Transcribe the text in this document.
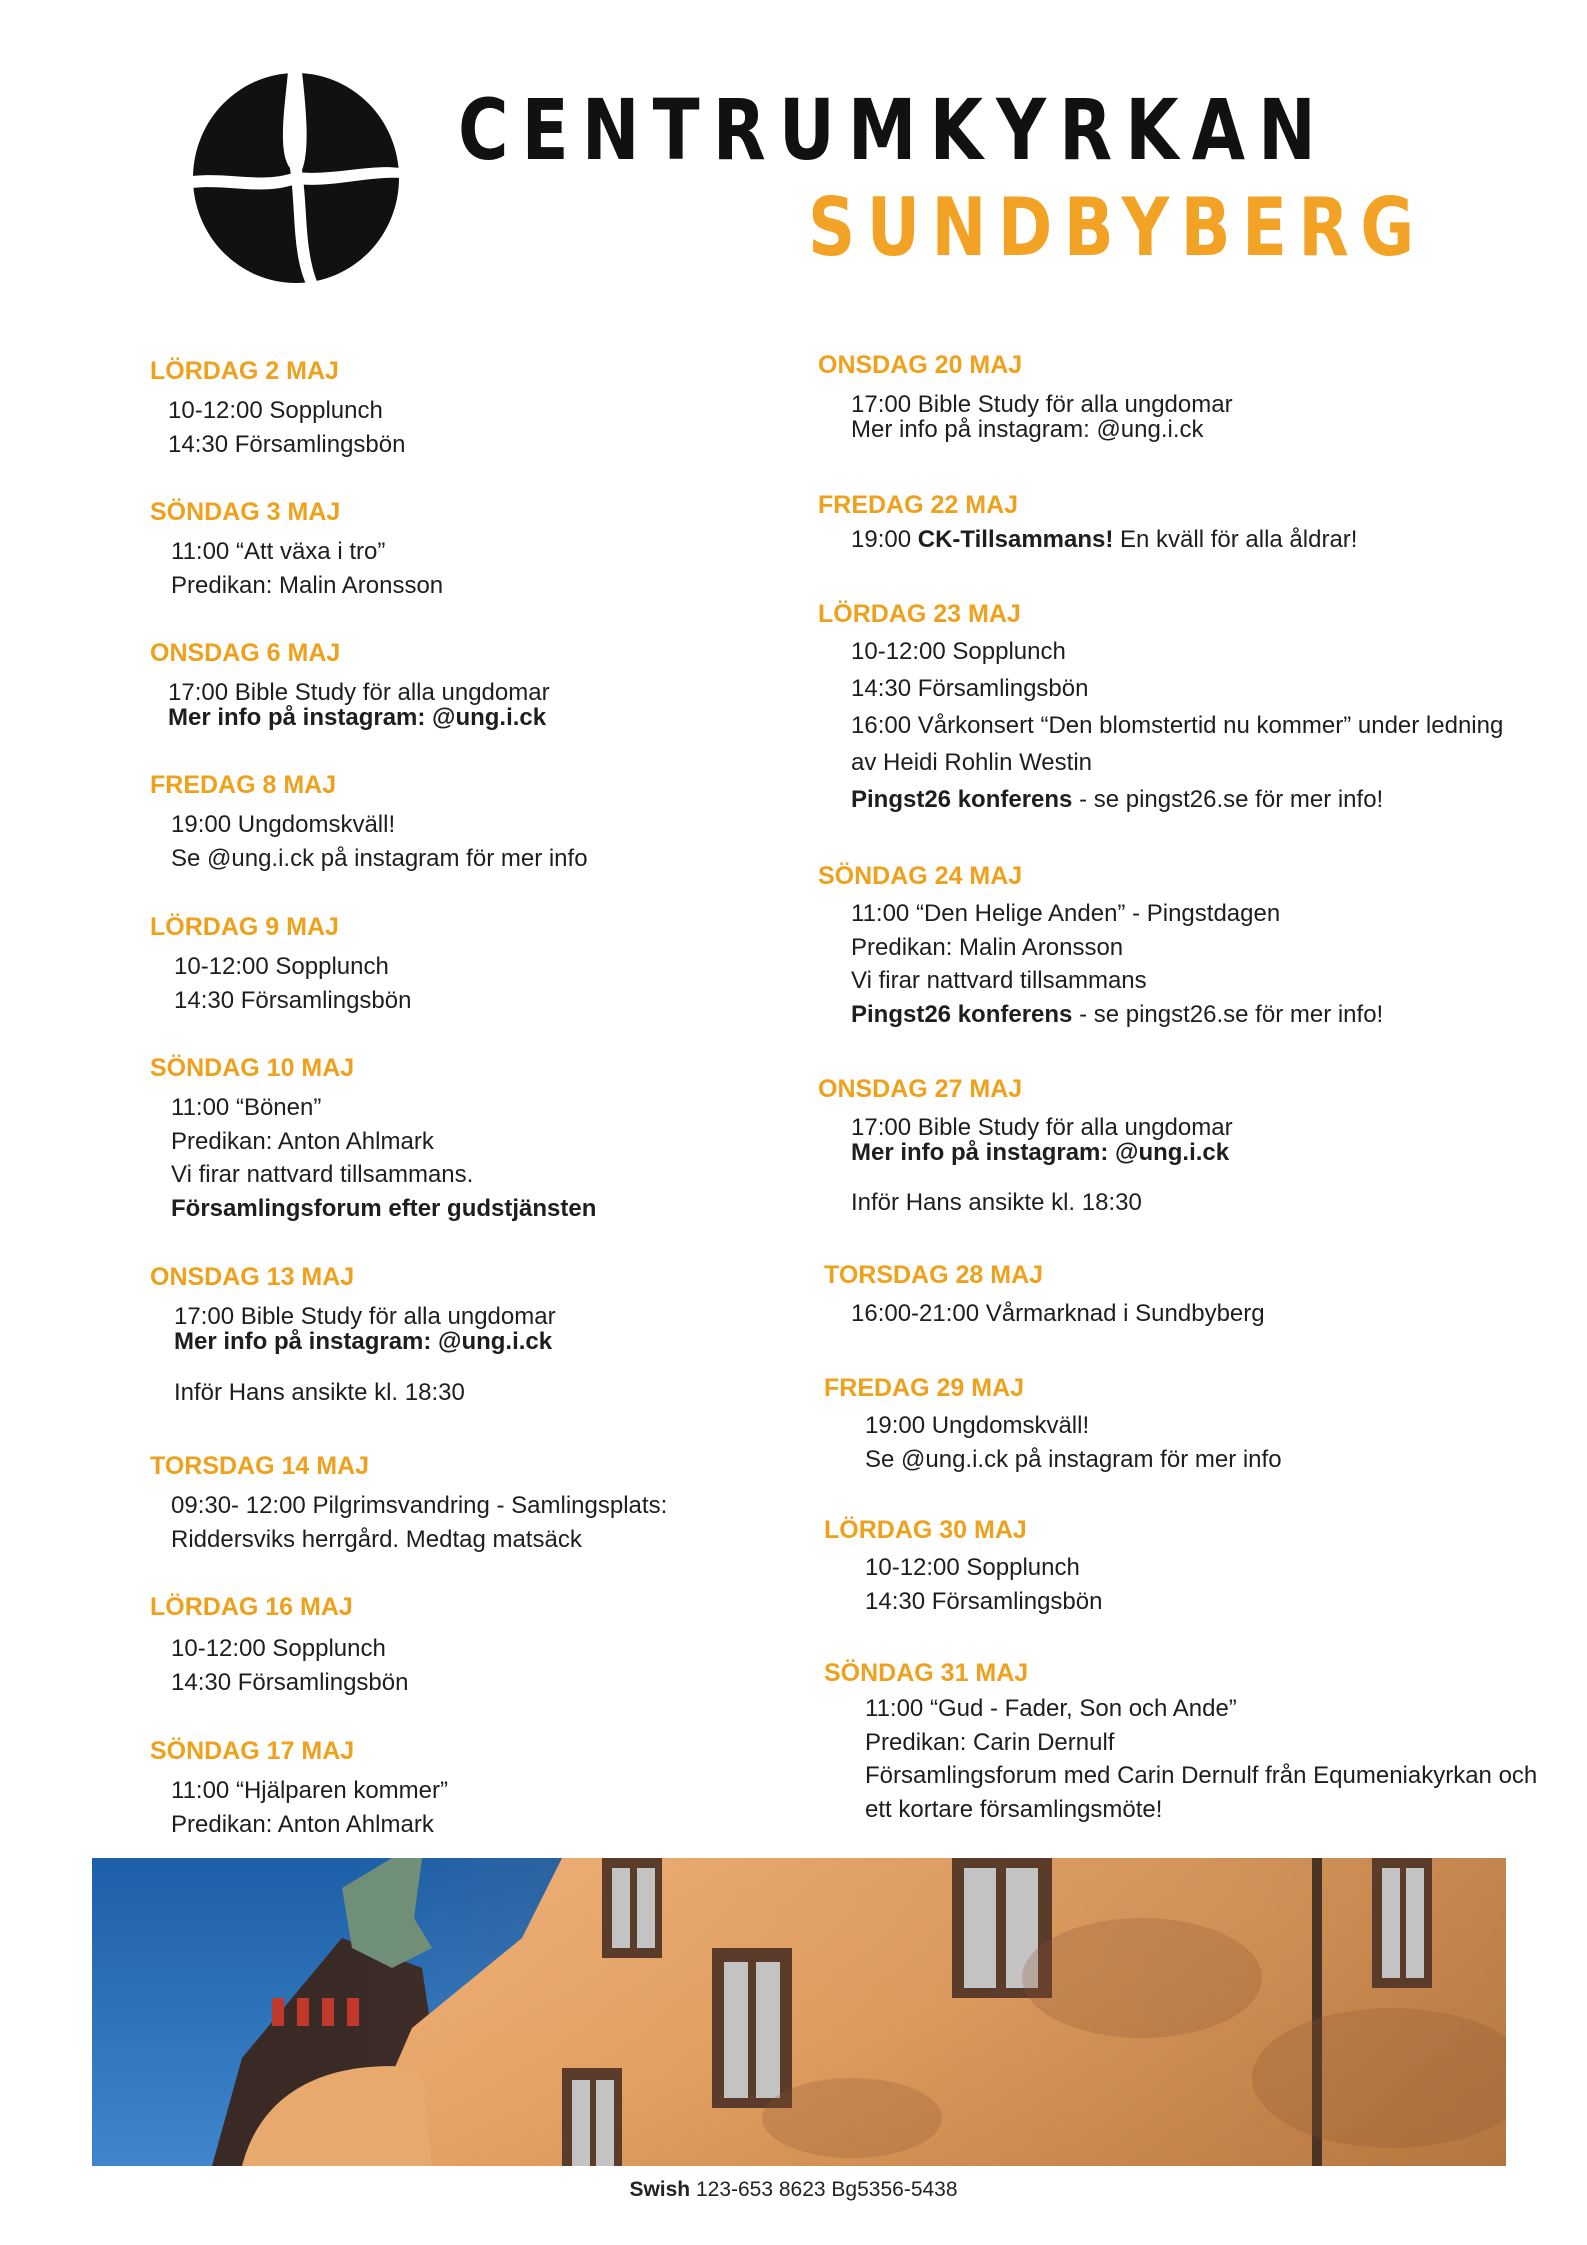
CENTRUMKYRKAN
SUNDBYBERG
LÖRDAG 2 MAJ
10-12:00 Sopplunch
14:30 Församlingsbön
SÖNDAG 3 MAJ
11:00 “Att växa i tro”
Predikan: Malin Aronsson
ONSDAG 6 MAJ
17:00 Bible Study för alla ungdomar
Mer info på instagram: @ung.i.ck
FREDAG 8 MAJ
19:00 Ungdomskväll!
Se @ung.i.ck på instagram för mer info
LÖRDAG 9 MAJ
10-12:00 Sopplunch
14:30 Församlingsbön
SÖNDAG 10 MAJ
11:00 “Bönen”
Predikan: Anton Ahlmark
Vi firar nattvard tillsammans.
Församlingsforum efter gudstjänsten
ONSDAG 13 MAJ
17:00 Bible Study för alla ungdomar
Mer info på instagram: @ung.i.ck
Inför Hans ansikte kl. 18:30
TORSDAG 14 MAJ
09:30- 12:00 Pilgrimsvandring - Samlingsplats:
Riddersviks herrgård. Medtag matsäck
LÖRDAG 16 MAJ
10-12:00 Sopplunch
14:30 Församlingsbön
SÖNDAG 17 MAJ
11:00 “Hjälparen kommer”
Predikan: Anton Ahlmark
ONSDAG 20 MAJ
17:00 Bible Study för alla ungdomar
Mer info på instagram: @ung.i.ck
FREDAG 22 MAJ
19:00 CK-Tillsammans! En kväll för alla åldrar!
LÖRDAG 23 MAJ
10-12:00 Sopplunch
14:30 Församlingsbön
16:00 Vårkonsert “Den blomstertid nu kommer” under ledning
av Heidi Rohlin Westin
Pingst26 konferens - se pingst26.se för mer info!
SÖNDAG 24 MAJ
11:00 “Den Helige Anden” - Pingstdagen
Predikan: Malin Aronsson
Vi firar nattvard tillsammans
Pingst26 konferens - se pingst26.se för mer info!
ONSDAG 27 MAJ
17:00 Bible Study för alla ungdomar
Mer info på instagram: @ung.i.ck
Inför Hans ansikte kl. 18:30
TORSDAG 28 MAJ
16:00-21:00 Vårmarknad i Sundbyberg
FREDAG 29 MAJ
19:00 Ungdomskväll!
Se @ung.i.ck på instagram för mer info
LÖRDAG 30 MAJ
10-12:00 Sopplunch
14:30 Församlingsbön
SÖNDAG 31 MAJ
11:00 “Gud - Fader, Son och Ande”
Predikan: Carin Dernulf
Församlingsforum med Carin Dernulf från Equmeniakyrkan och
ett kortare församlingsmöte!
Swish 123-653 8623 Bg5356-5438
